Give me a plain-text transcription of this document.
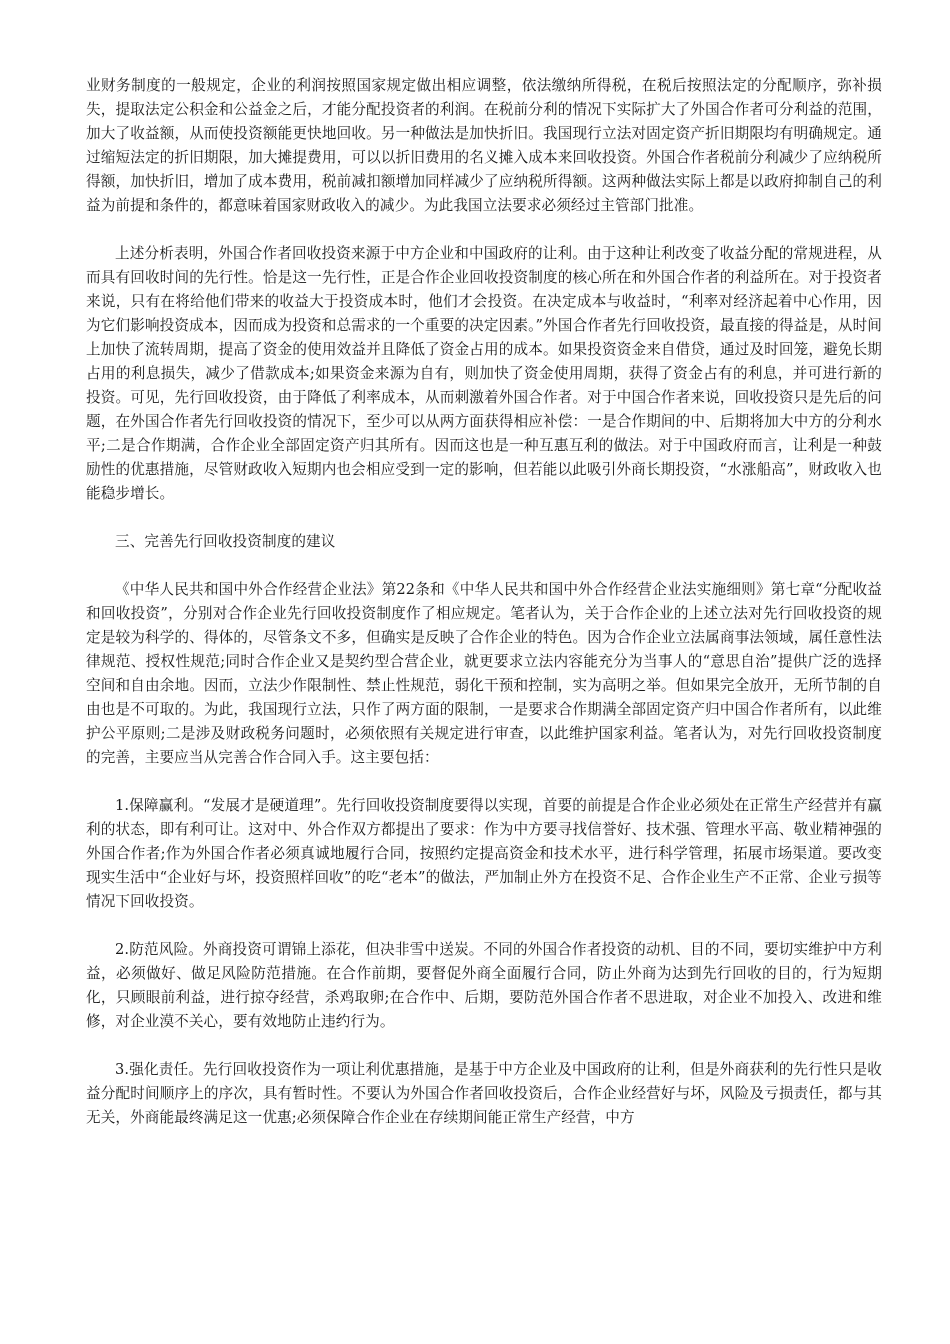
业财务制度的一般规定，企业的利润按照国家规定做出相应调整，依法缴纳所得税，在税后按照法定的分配顺序，弥补损失，提取法定公积金和公益金之后，才能分配投资者的利润。在税前分利的情况下实际扩大了外国合作者可分利益的范围，加大了收益额，从而使投资额能更快地回收。另一种做法是加快折旧。我国现行立法对固定资产折旧期限均有明确规定。通过缩短法定的折旧期限，加大摊提费用，可以以折旧费用的名义摊入成本来回收投资。外国合作者税前分利减少了应纳税所得额，加快折旧，增加了成本费用，税前减扣额增加同样减少了应纳税所得额。这两种做法实际上都是以政府抑制自己的利益为前提和条件的，都意味着国家财政收入的减少。为此我国立法要求必须经过主管部门批准。

上述分析表明，外国合作者回收投资来源于中方企业和中国政府的让利。由于这种让利改变了收益分配的常规进程，从而具有回收时间的先行性。恰是这一先行性，正是合作企业回收投资制度的核心所在和外国合作者的利益所在。对于投资者来说，只有在将给他们带来的收益大于投资成本时，他们才会投资。在决定成本与收益时，“利率对经济起着中心作用，因为它们影响投资成本，因而成为投资和总需求的一个重要的决定因素。”外国合作者先行回收投资，最直接的得益是，从时间上加快了流转周期，提高了资金的使用效益并且降低了资金占用的成本。如果投资资金来自借贷，通过及时回笼，避免长期占用的利息损失，减少了借款成本;如果资金来源为自有，则加快了资金使用周期，获得了资金占有的利息，并可进行新的投资。可见，先行回收投资，由于降低了利率成本，从而刺激着外国合作者。对于中国合作者来说，回收投资只是先后的问题，在外国合作者先行回收投资的情况下，至少可以从两方面获得相应补偿：一是合作期间的中、后期将加大中方的分利水平;二是合作期满，合作企业全部固定资产归其所有。因而这也是一种互惠互利的做法。对于中国政府而言，让利是一种鼓励性的优惠措施，尽管财政收入短期内也会相应受到一定的影响，但若能以此吸引外商长期投资，“水涨船高”，财政收入也能稳步增长。

三、完善先行回收投资制度的建议

《中华人民共和国中外合作经营企业法》第22条和《中华人民共和国中外合作经营企业法实施细则》第七章“分配收益和回收投资”，分别对合作企业先行回收投资制度作了相应规定。笔者认为，关于合作企业的上述立法对先行回收投资的规定是较为科学的、得体的，尽管条文不多，但确实是反映了合作企业的特色。因为合作企业立法属商事法领域，属任意性法律规范、授权性规范;同时合作企业又是契约型合营企业，就更要求立法内容能充分为当事人的“意思自治”提供广泛的选择空间和自由余地。因而，立法少作限制性、禁止性规范，弱化干预和控制，实为高明之举。但如果完全放开，无所节制的自由也是不可取的。为此，我国现行立法，只作了两方面的限制，一是要求合作期满全部固定资产归中国合作者所有，以此维护公平原则;二是涉及财政税务问题时，必须依照有关规定进行审查，以此维护国家利益。笔者认为，对先行回收投资制度的完善，主要应当从完善合作合同入手。这主要包括：

1.保障赢利。“发展才是硬道理”。先行回收投资制度要得以实现，首要的前提是合作企业必须处在正常生产经营并有赢利的状态，即有利可让。这对中、外合作双方都提出了要求：作为中方要寻找信誉好、技术强、管理水平高、敬业精神强的外国合作者;作为外国合作者必须真诚地履行合同，按照约定提高资金和技术水平，进行科学管理，拓展市场渠道。要改变现实生活中“企业好与坏，投资照样回收”的吃“老本”的做法，严加制止外方在投资不足、合作企业生产不正常、企业亏损等情况下回收投资。

2.防范风险。外商投资可谓锦上添花，但决非雪中送炭。不同的外国合作者投资的动机、目的不同，要切实维护中方利益，必须做好、做足风险防范措施。在合作前期，要督促外商全面履行合同，防止外商为达到先行回收的目的，行为短期化，只顾眼前利益，进行掠夺经营，杀鸡取卵;在合作中、后期，要防范外国合作者不思进取，对企业不加投入、改进和维修，对企业漠不关心，要有效地防止违约行为。

3.强化责任。先行回收投资作为一项让利优惠措施，是基于中方企业及中国政府的让利，但是外商获利的先行性只是收益分配时间顺序上的序次，具有暂时性。不要认为外国合作者回收投资后，合作企业经营好与坏，风险及亏损责任，都与其无关，外商能最终满足这一优惠;必须保障合作企业在存续期间能正常生产经营，中方
